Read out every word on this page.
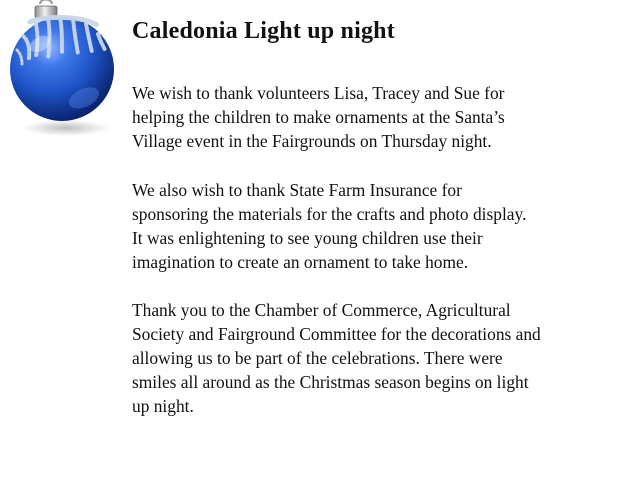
Caledonia Light up night

We wish to thank volunteers Lisa, Tracey and Sue for
helping the children to make ornaments at the Santa’s
Village event in the Fairgrounds on Thursday night.

We also wish to thank State Farm Insurance for
sponsoring the materials for the crafts and photo display.
It was enlightening to see young children use their
imagination to create an ornament to take home.

Thank you to the Chamber of Commerce, Agricultural
Society and Fairground Committee for the decorations and
allowing us to be part of the celebrations. There were
smiles all around as the Christmas season begins on light
up night.
